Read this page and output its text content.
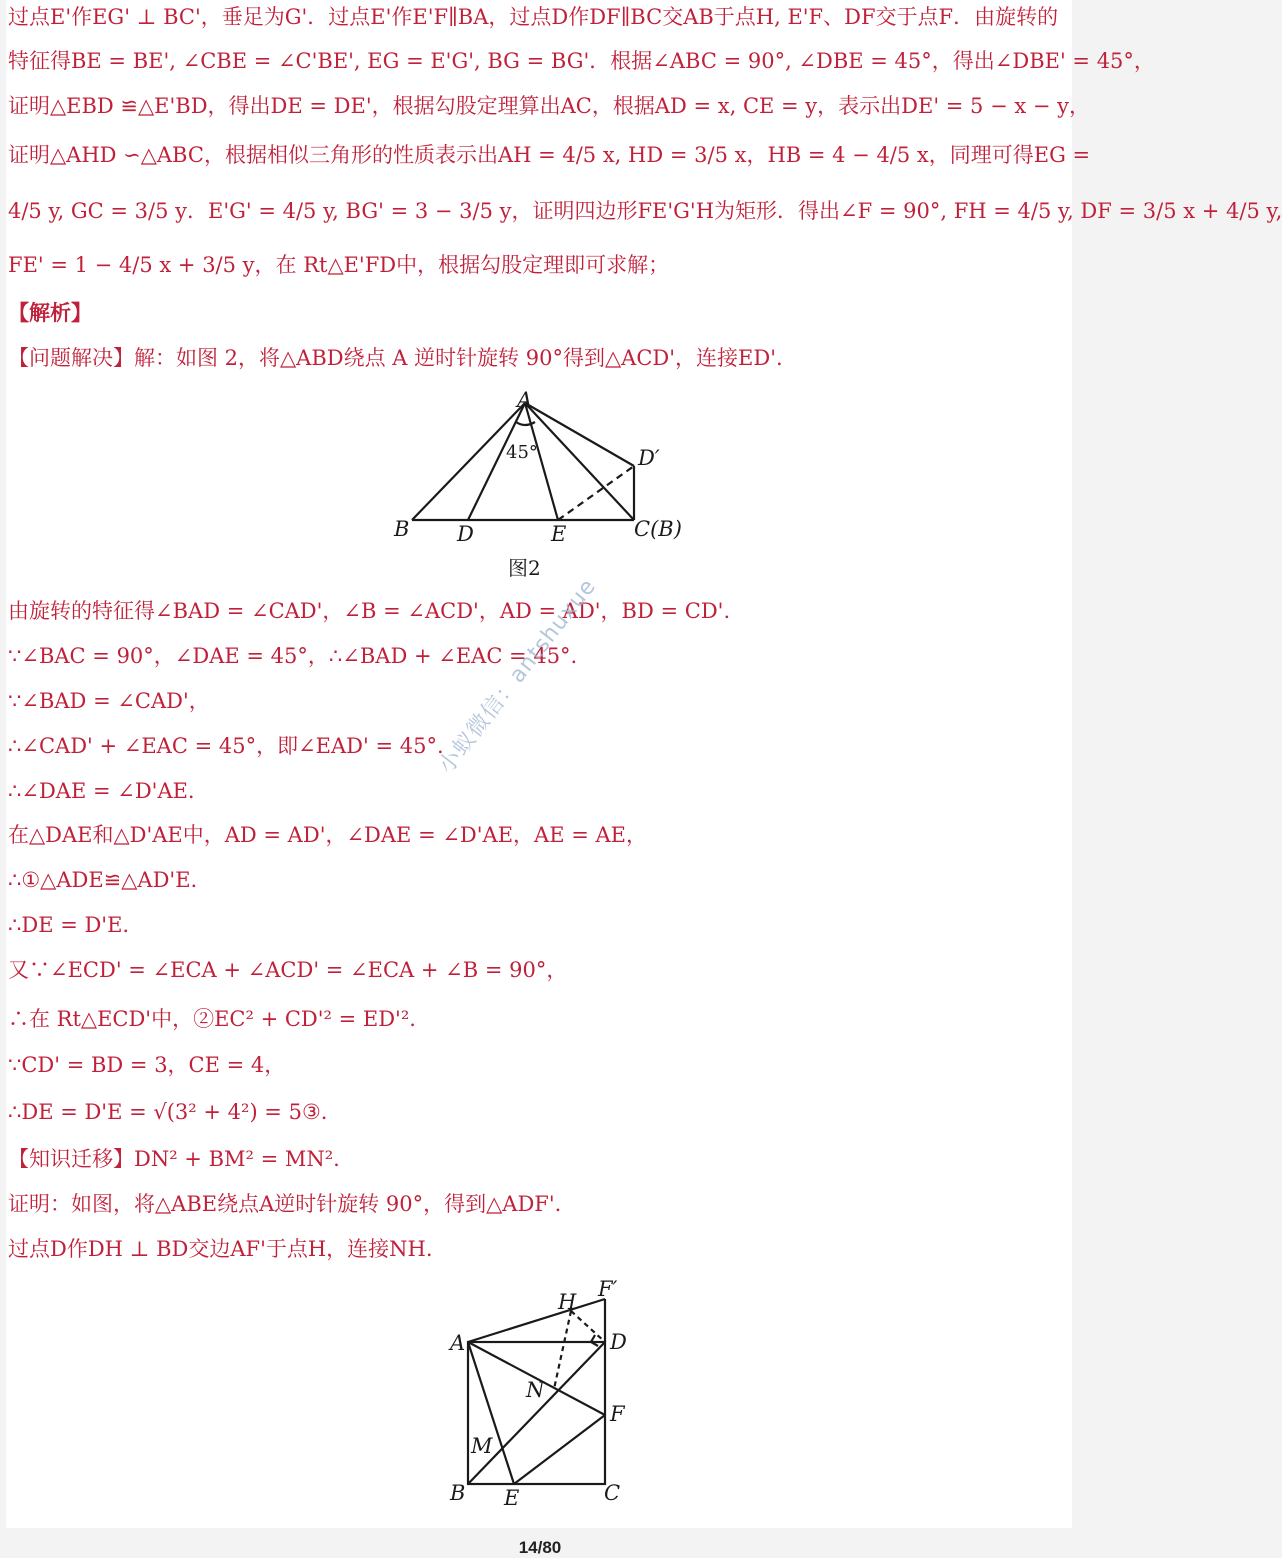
过点E'作EG' ⊥ BC'，垂足为G'．过点E'作E'F∥BA，过点D作DF∥BC交AB于点H, E'F、DF交于点F．由旋转的
特征得BE = BE', ∠CBE = ∠C'BE', EG = E'G', BG = BG'．根据∠ABC = 90°, ∠DBE = 45°，得出∠DBE' = 45°，
证明△EBD ≌△E'BD，得出DE = DE'，根据勾股定理算出AC，根据AD = x, CE = y，表示出DE' = 5 − x − y，
证明△AHD ∽△ABC，根据相似三角形的性质表示出AH = 4/5 x, HD = 3/5 x，HB = 4 − 4/5 x，同理可得EG =
4/5 y, GC = 3/5 y．E'G' = 4/5 y, BG' = 3 − 3/5 y，证明四边形FE'G'H为矩形．得出∠F = 90°, FH = 4/5 y, DF = 3/5 x + 4/5 y,
FE' = 1 − 4/5 x + 3/5 y，在 Rt△E'FD中，根据勾股定理即可求解；
【解析】
【问题解决】解：如图 2，将△ABD绕点 A 逆时针旋转 90°得到△ACD'，连接ED'.
A
B D	E	C(B)
D′
45°
图2
由旋转的特征得∠BAD = ∠CAD'，∠B = ∠ACD'，AD = AD'，BD = CD'.
∵∠BAC = 90°，∠DAE = 45°，∴∠BAD + ∠EAC = 45°.
∵∠BAD = ∠CAD'，
∴∠CAD' + ∠EAC = 45°，即∠EAD' = 45°.
∴∠DAE = ∠D'AE.
在△DAE和△D'AE中，AD = AD'，∠DAE = ∠D'AE，AE = AE，
∴①△ADE≌△AD'E.
∴DE = D'E.
又∵∠ECD' = ∠ECA + ∠ACD' = ∠ECA + ∠B = 90°，
∴在 Rt△ECD'中，②EC² + CD'² = ED'².
∵CD' = BD = 3，CE = 4，
∴DE = D'E = √(3² + 4²) = 5③.
【知识迁移】DN² + BM² = MN².
证明：如图，将△ABE绕点A逆时针旋转 90°，得到△ADF'.
过点D作DH ⊥ BD交边AF'于点H，连接NH.
A
B	C
D
E
F
F′
H
M
N
小蚁微信：antshuxue
14/80
